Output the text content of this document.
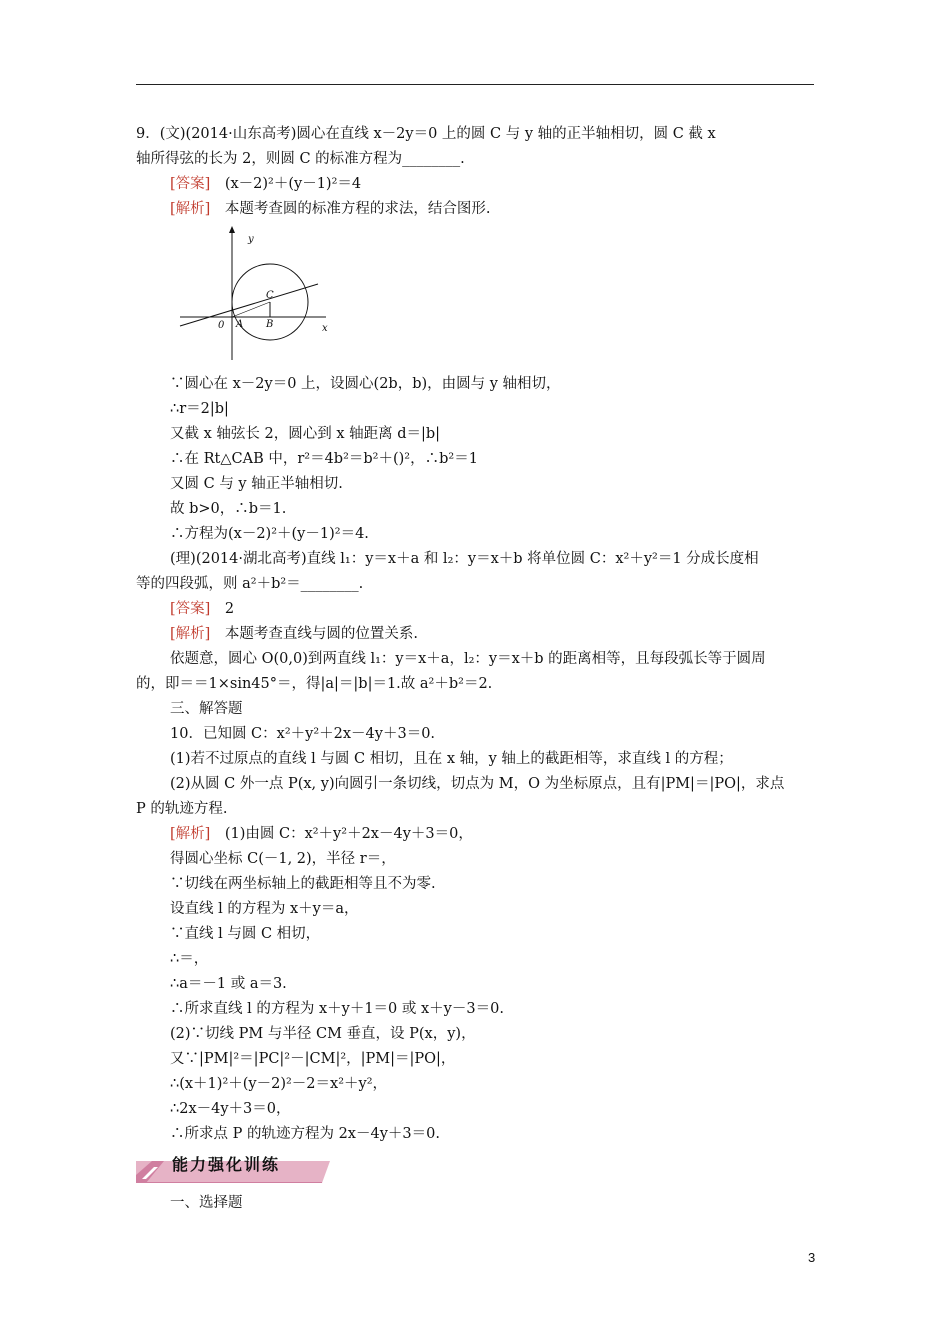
9．(文)(2014·山东高考)圆心在直线 x－2y＝0 上的圆 C 与 y 轴的正半轴相切，圆 C 截 x
轴所得弦的长为 2，则圆 C 的标准方程为________.
[答案]　(x－2)²＋(y－1)²＝4
[解析]　本题考查圆的标准方程的求法，结合图形.
y
x
0 A B
C
∵圆心在 x－2y＝0 上，设圆心(2b，b)，由圆与 y 轴相切，
∴r＝2|b|
又截 x 轴弦长 2，圆心到 x 轴距离 d＝|b|
∴在 Rt△CAB 中，r²＝4b²＝b²＋()²，∴b²＝1
又圆 C 与 y 轴正半轴相切.
故 b>0，∴b＝1.
∴方程为(x－2)²＋(y－1)²＝4.
(理)(2014·湖北高考)直线 l₁：y＝x＋a 和 l₂：y＝x＋b 将单位圆 C：x²＋y²＝1 分成长度相
等的四段弧，则 a²＋b²＝________.
[答案]　2
[解析]　本题考查直线与圆的位置关系.
依题意，圆心 O(0,0)到两直线 l₁：y＝x＋a，l₂：y＝x＋b 的距离相等，且每段弧长等于圆周
的，即＝＝1×sin45°＝，得|a|＝|b|＝1.故 a²＋b²＝2.
三、解答题
10．已知圆 C：x²＋y²＋2x－4y＋3＝0.
(1)若不过原点的直线 l 与圆 C 相切，且在 x 轴，y 轴上的截距相等，求直线 l 的方程；
(2)从圆 C 外一点 P(x, y)向圆引一条切线，切点为 M，O 为坐标原点，且有|PM|＝|PO|，求点
P 的轨迹方程.
[解析]　(1)由圆 C：x²＋y²＋2x－4y＋3＝0，
得圆心坐标 C(－1, 2)，半径 r＝，
∵切线在两坐标轴上的截距相等且不为零.
设直线 l 的方程为 x＋y＝a，
∵直线 l 与圆 C 相切，
∴＝，
∴a＝－1 或 a＝3.
∴所求直线 l 的方程为 x＋y＋1＝0 或 x＋y－3＝0.
(2)∵切线 PM 与半径 CM 垂直，设 P(x，y)，
又∵|PM|²＝|PC|²－|CM|²，|PM|＝|PO|，
∴(x＋1)²＋(y－2)²－2＝x²＋y²，
∴2x－4y＋3＝0，
∴所求点 P 的轨迹方程为 2x－4y＋3＝0.
能力强化训练
一、选择题
3
